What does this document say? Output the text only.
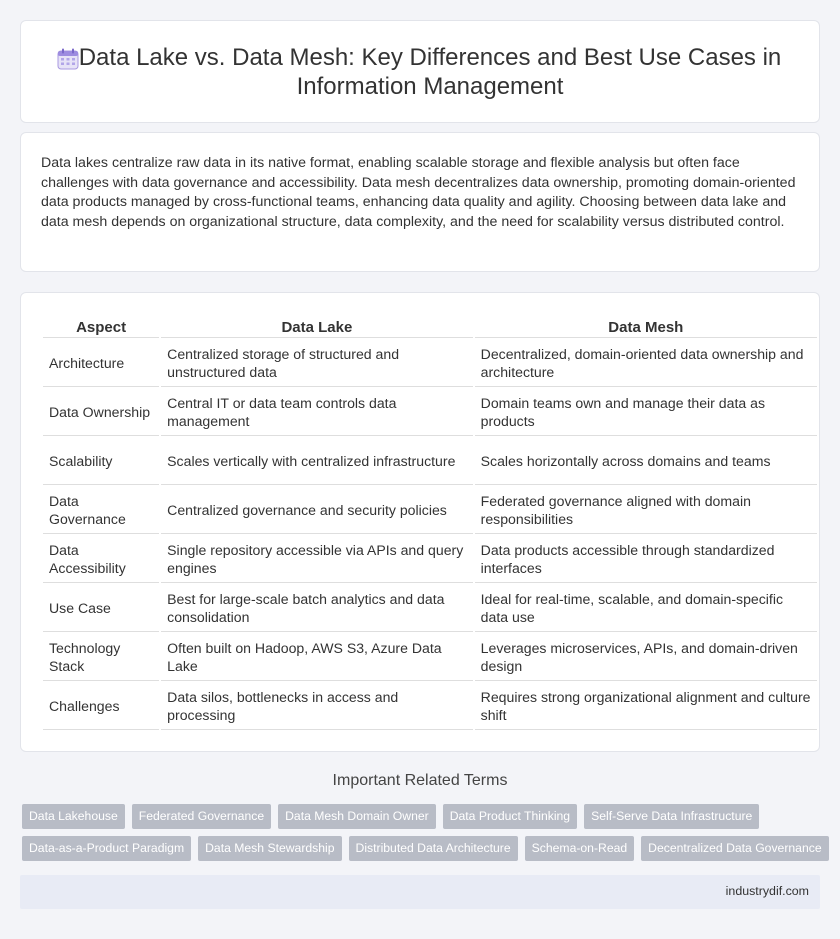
Data Lake vs. Data Mesh: Key Differences and Best Use Cases in Information Management

Data lakes centralize raw data in its native format, enabling scalable storage and flexible analysis but often face challenges with data governance and accessibility. Data mesh decentralizes data ownership, promoting domain-oriented data products managed by cross-functional teams, enhancing data quality and agility. Choosing between data lake and data mesh depends on organizational structure, data complexity, and the need for scalability versus distributed control.

Aspect	Data Lake	Data Mesh
Architecture	Centralized storage of structured and unstructured data	Decentralized, domain-oriented data ownership and architecture
Data Ownership	Central IT or data team controls data management	Domain teams own and manage their data as products
Scalability	Scales vertically with centralized infrastructure	Scales horizontally across domains and teams
Data Governance	Centralized governance and security policies	Federated governance aligned with domain responsibilities
Data Accessibility	Single repository accessible via APIs and query engines	Data products accessible through standardized interfaces
Use Case	Best for large-scale batch analytics and data consolidation	Ideal for real-time, scalable, and domain-specific data use
Technology Stack	Often built on Hadoop, AWS S3, Azure Data Lake	Leverages microservices, APIs, and domain-driven design
Challenges	Data silos, bottlenecks in access and processing	Requires strong organizational alignment and culture shift
Important Related Terms
Data Lakehouse	Federated Governance	Data Mesh Domain Owner	Data Product Thinking	Self-Serve Data Infrastructure
Data-as-a-Product Paradigm	Data Mesh Stewardship	Distributed Data Architecture	Schema-on-Read	Decentralized Data Governance
industrydif.com
